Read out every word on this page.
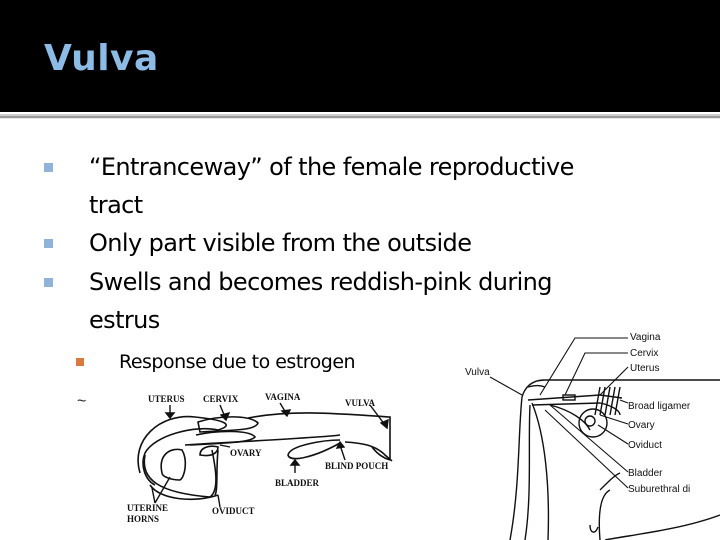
Vulva
“Entranceway” of the female reproductive
tract
Only part visible from the outside
Swells and becomes reddish-pink during
estrus
Response due to estrogen
~	UTERUS CERVIX	VAGINA
VULVA
OVARY
BLIND POUCH
BLADDER
UTERINE
HORNS
OVIDUCT
Vulva
Vagina
Cervix
Uterus
Broad ligamer
Ovary
Oviduct
Bladder
Suburethral di
